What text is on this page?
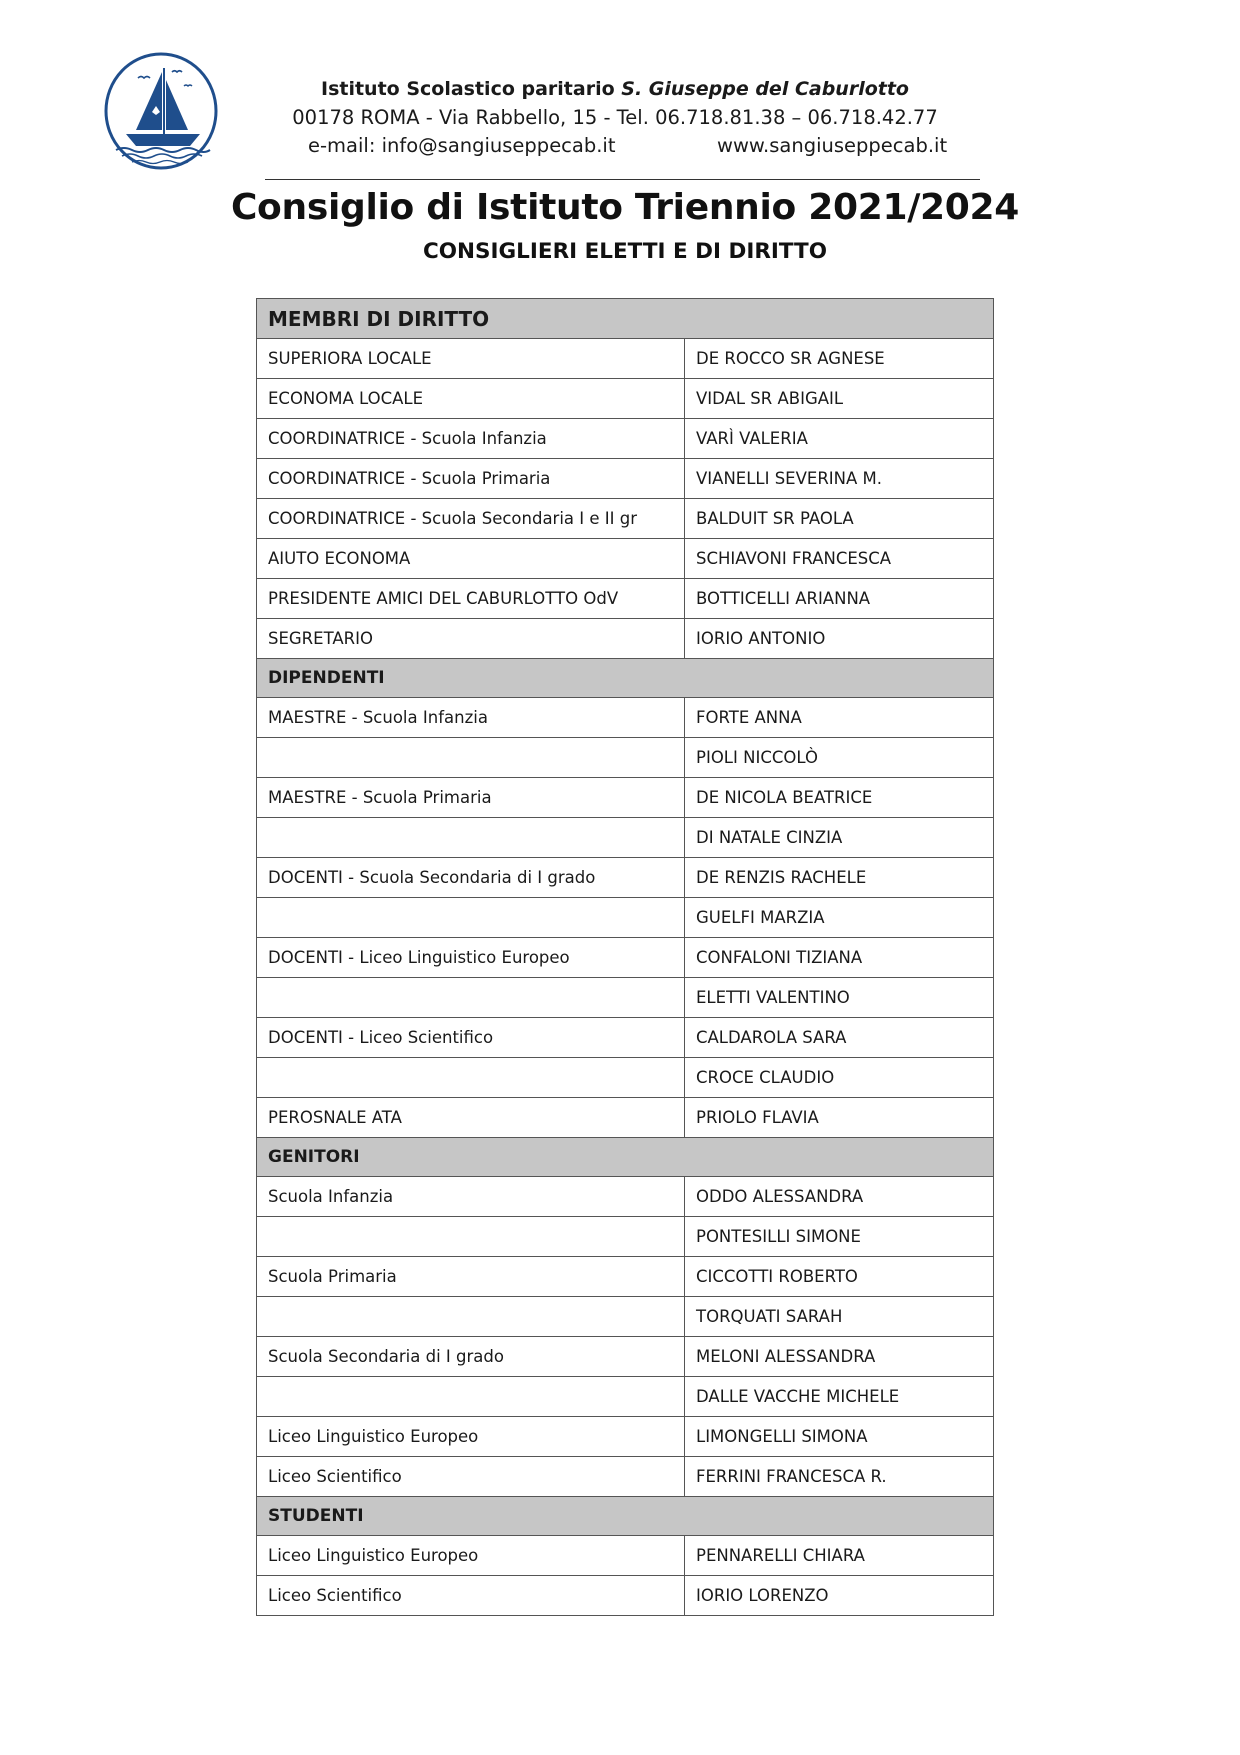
Istituto Scolastico paritario S. Giuseppe del Caburlotto
00178 ROMA - Via Rabbello, 15 - Tel. 06.718.81.38 – 06.718.42.77
e-mail: info@sangiuseppecab.it	www.sangiuseppecab.it
Consiglio di Istituto Triennio 2021/2024
CONSIGLIERI ELETTI E DI DIRITTO
MEMBRI DI DIRITTO	
SUPERIORA LOCALE	DE ROCCO SR AGNESE
ECONOMA LOCALE	VIDAL SR ABIGAIL
COORDINATRICE - Scuola Infanzia	VARÌ VALERIA
COORDINATRICE - Scuola Primaria	VIANELLI SEVERINA M.
COORDINATRICE - Scuola Secondaria I e II gr	BALDUIT SR PAOLA
AIUTO ECONOMA	SCHIAVONI FRANCESCA
PRESIDENTE AMICI DEL CABURLOTTO OdV	BOTTICELLI ARIANNA
SEGRETARIO	IORIO ANTONIO
DIPENDENTI	
MAESTRE - Scuola Infanzia	FORTE ANNA
	PIOLI NICCOLÒ
MAESTRE - Scuola Primaria	DE NICOLA BEATRICE
	DI NATALE CINZIA
DOCENTI - Scuola Secondaria di I grado	DE RENZIS RACHELE
	GUELFI MARZIA
DOCENTI - Liceo Linguistico Europeo	CONFALONI TIZIANA
	ELETTI VALENTINO
DOCENTI - Liceo Scientifico	CALDAROLA SARA
	CROCE CLAUDIO
PEROSNALE ATA	PRIOLO FLAVIA
GENITORI	
Scuola Infanzia	ODDO ALESSANDRA
	PONTESILLI SIMONE
Scuola Primaria	CICCOTTI ROBERTO
	TORQUATI SARAH
Scuola Secondaria di I grado	MELONI ALESSANDRA
	DALLE VACCHE MICHELE
Liceo Linguistico Europeo	LIMONGELLI SIMONA
Liceo Scientifico	FERRINI FRANCESCA R.
STUDENTI	
Liceo Linguistico Europeo	PENNARELLI CHIARA
Liceo Scientifico	IORIO LORENZO
